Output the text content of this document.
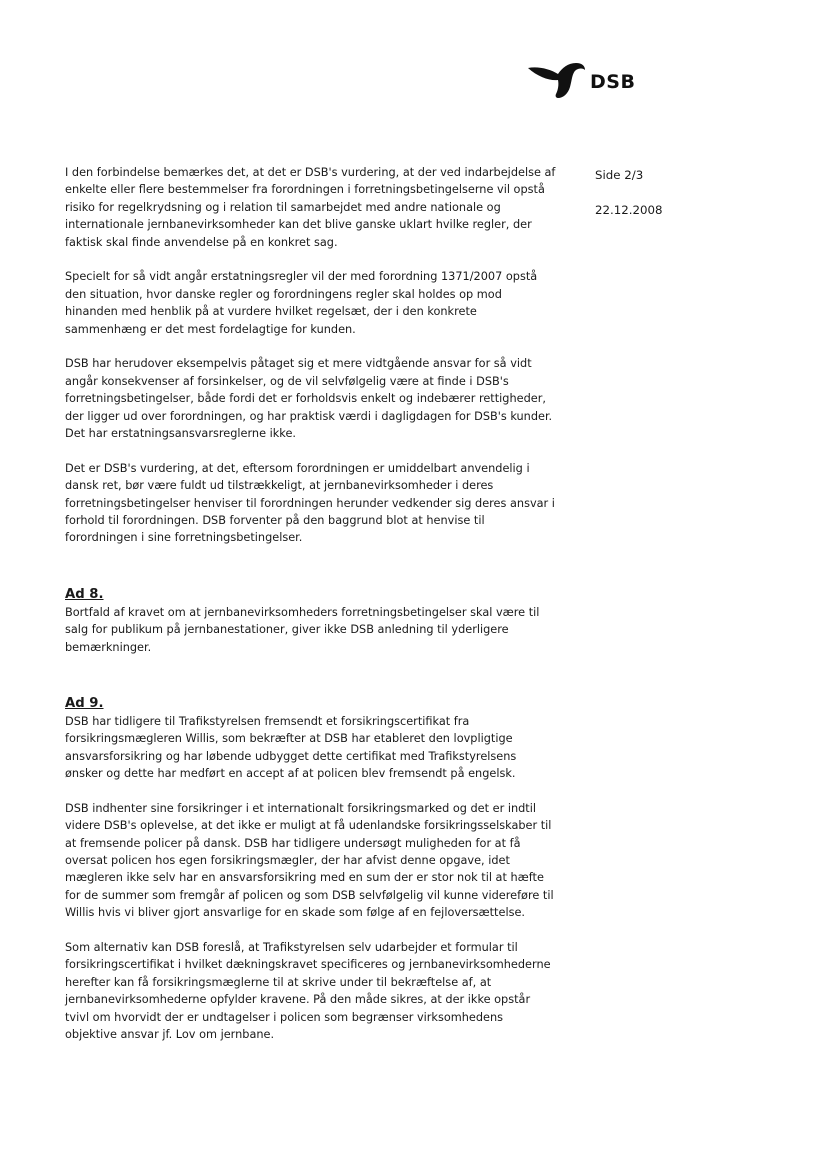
DSB
Side 2/3
22.12.2008
I den forbindelse bemærkes det, at det er DSB's vurdering, at der ved indarbejdelse af
enkelte eller flere bestemmelser fra forordningen i forretningsbetingelserne vil opstå
risiko for regelkrydsning og i relation til samarbejdet med andre nationale og
internationale jernbanevirksomheder kan det blive ganske uklart hvilke regler, der
faktisk skal finde anvendelse på en konkret sag.
Specielt for så vidt angår erstatningsregler vil der med forordning 1371/2007 opstå
den situation, hvor danske regler og forordningens regler skal holdes op mod
hinanden med henblik på at vurdere hvilket regelsæt, der i den konkrete
sammenhæng er det mest fordelagtige for kunden.
DSB har herudover eksempelvis påtaget sig et mere vidtgående ansvar for så vidt
angår konsekvenser af forsinkelser, og de vil selvfølgelig være at finde i DSB's
forretningsbetingelser, både fordi det er forholdsvis enkelt og indebærer rettigheder,
der ligger ud over forordningen, og har praktisk værdi i dagligdagen for DSB's kunder.
Det har erstatningsansvarsreglerne ikke.
Det er DSB's vurdering, at det, eftersom forordningen er umiddelbart anvendelig i
dansk ret, bør være fuldt ud tilstrækkeligt, at jernbanevirksomheder i deres
forretningsbetingelser henviser til forordningen herunder vedkender sig deres ansvar i
forhold til forordningen. DSB forventer på den baggrund blot at henvise til
forordningen i sine forretningsbetingelser.
Ad 8.
Bortfald af kravet om at jernbanevirksomheders forretningsbetingelser skal være til
salg for publikum på jernbanestationer, giver ikke DSB anledning til yderligere
bemærkninger.
Ad 9.
DSB har tidligere til Trafikstyrelsen fremsendt et forsikringscertifikat fra
forsikringsmægleren Willis, som bekræfter at DSB har etableret den lovpligtige
ansvarsforsikring og har løbende udbygget dette certifikat med Trafikstyrelsens
ønsker og dette har medført en accept af at policen blev fremsendt på engelsk.
DSB indhenter sine forsikringer i et internationalt forsikringsmarked og det er indtil
videre DSB's oplevelse, at det ikke er muligt at få udenlandske forsikringsselskaber til
at fremsende policer på dansk. DSB har tidligere undersøgt muligheden for at få
oversat policen hos egen forsikringsmægler, der har afvist denne opgave, idet
mægleren ikke selv har en ansvarsforsikring med en sum der er stor nok til at hæfte
for de summer som fremgår af policen og som DSB selvfølgelig vil kunne videreføre til
Willis hvis vi bliver gjort ansvarlige for en skade som følge af en fejloversættelse.
Som alternativ kan DSB foreslå, at Trafikstyrelsen selv udarbejder et formular til
forsikringscertifikat i hvilket dækningskravet specificeres og jernbanevirksomhederne
herefter kan få forsikringsmæglerne til at skrive under til bekræftelse af, at
jernbanevirksomhederne opfylder kravene. På den måde sikres, at der ikke opstår
tvivl om hvorvidt der er undtagelser i policen som begrænser virksomhedens
objektive ansvar jf. Lov om jernbane.
